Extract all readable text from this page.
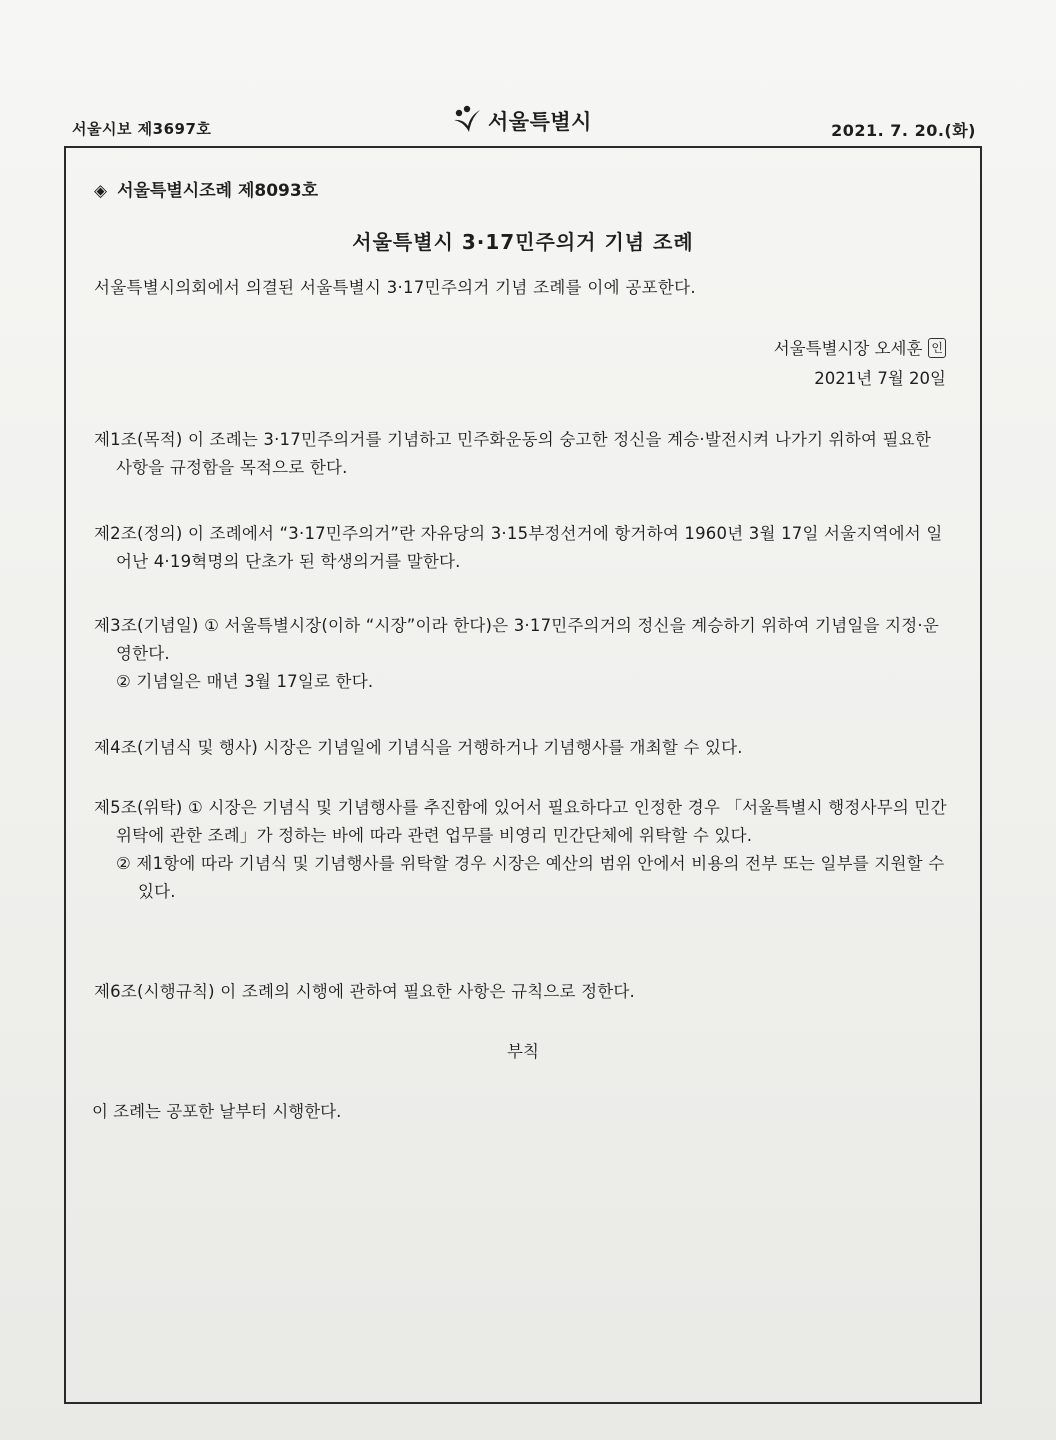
서울시보 제3697호	서울특별시	2021. 7. 20.(화)
◈ 서울특별시조례 제8093호
서울특별시 3·17민주의거 기념 조례
서울특별시의회에서 의결된 서울특별시 3·17민주의거 기념 조례를 이에 공포한다.
서울특별시장 오세훈 인
2021년 7월 20일

제1조(목적) 이 조례는 3·17민주의거를 기념하고 민주화운동의 숭고한 정신을 계승·발전시켜 나가기 위하여 필요한 사항을 규정함을 목적으로 한다.

제2조(정의) 이 조례에서 “3·17민주의거”란 자유당의 3·15부정선거에 항거하여 1960년 3월 17일 서울지역에서 일어난 4·19혁명의 단초가 된 학생의거를 말한다.

제3조(기념일) ① 서울특별시장(이하 “시장”이라 한다)은 3·17민주의거의 정신을 계승하기 위하여 기념일을 지정·운영한다.

② 기념일은 매년 3월 17일로 한다.

제4조(기념식 및 행사) 시장은 기념일에 기념식을 거행하거나 기념행사를 개최할 수 있다.

제5조(위탁) ① 시장은 기념식 및 기념행사를 추진함에 있어서 필요하다고 인정한 경우 「서울특별시 행정사무의 민간위탁에 관한 조례」가 정하는 바에 따라 관련 업무를 비영리 민간단체에 위탁할 수 있다.

② 제1항에 따라 기념식 및 기념행사를 위탁할 경우 시장은 예산의 범위 안에서 비용의 전부 또는 일부를 지원할 수 있다.

제6조(시행규칙) 이 조례의 시행에 관하여 필요한 사항은 규칙으로 정한다.

부칙
이 조례는 공포한 날부터 시행한다.
